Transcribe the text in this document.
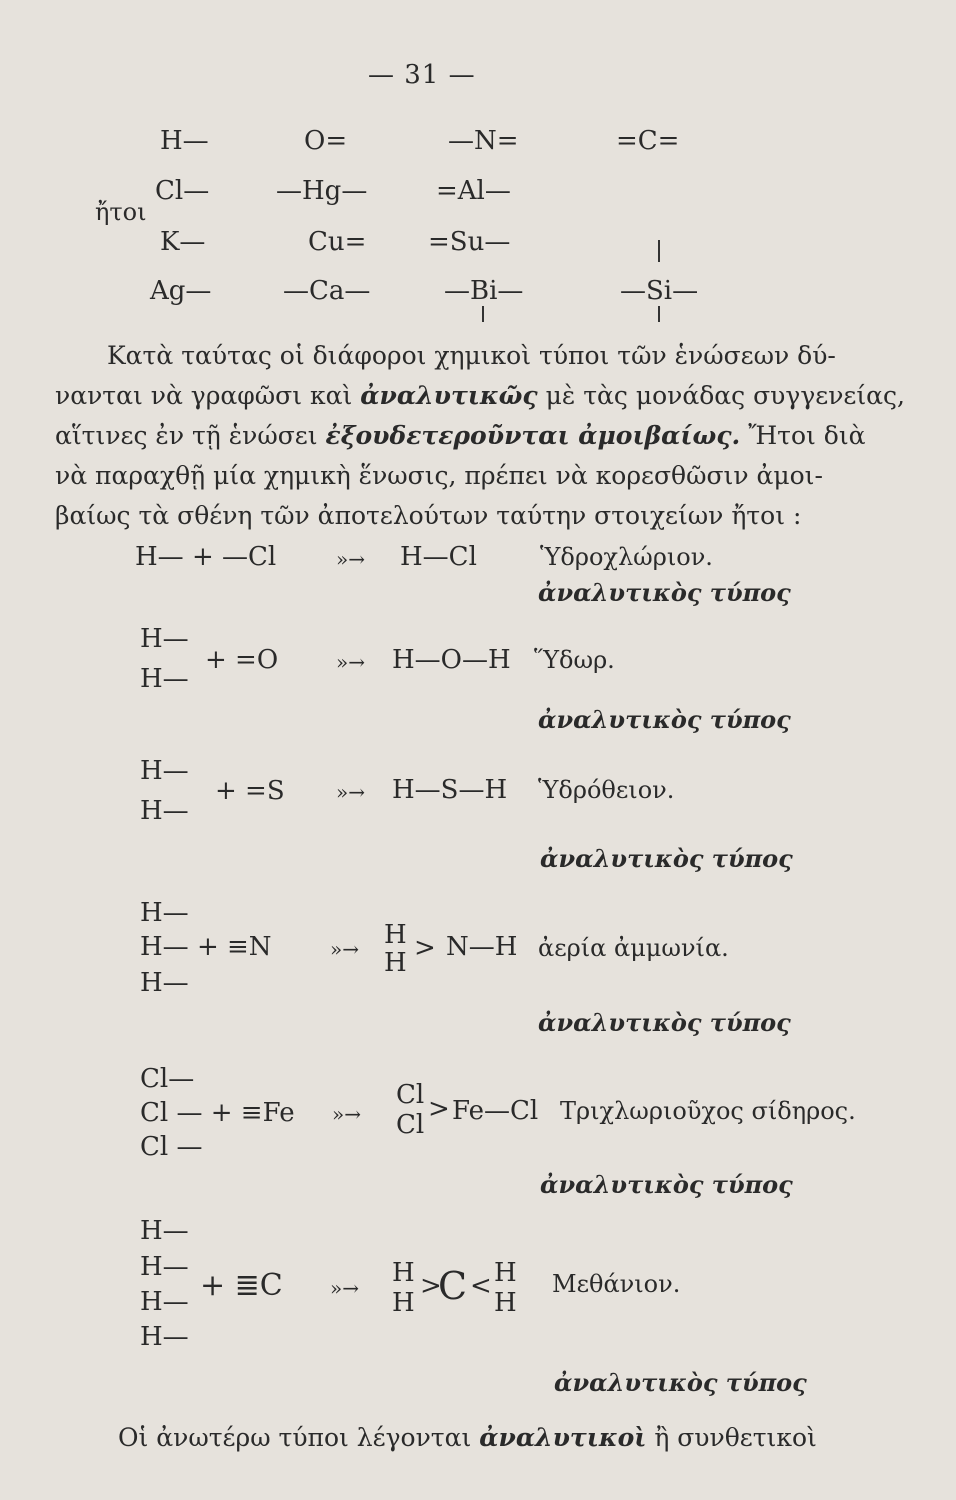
— 31 —
ἤτοι
H—
Cl—
K—
Ag—
O=
—Hg—
Cu=
—Ca—
—N=
=Al—
=Su—
—Bi—
=C=
—Si—

Κατὰ ταύτας οἱ διάφοροι χημικοὶ τύποι τῶν ἑνώσεων δύ-

νανται νὰ γραφῶσι καὶ ἀναλυτικῶς μὲ τὰς μονάδας συγγενείας,

αἵτινες ἐν τῇ ἑνώσει ἐξουδετεροῦνται ἀμοιβαίως. Ἤτοι διὰ

νὰ παραχθῇ μία χημικὴ ἕνωσις, πρέπει νὰ κορεσθῶσιν ἀμοι-

βαίως τὰ σθένη τῶν ἀποτελούτων ταύτην στοιχείων ἤτοι :

H— + —Cl	»→ H—Cl	Ὑδροχλώριον.
ἀναλυτικὸς τύπος
H—
+ =O
H—
»→ H—O—H Ὕδωρ.
ἀναλυτικὸς τύπος
H—
+ =S
H—
»→ H—S—H Ὑδρόθειον.
ἀναλυτικὸς τύπος
H—
H— + ≡N
H—
»→ H
H > N—H ἀερία ἀμμωνία.
ἀναλυτικὸς τύπος
Cl—
Cl — + ≡Fe
Cl —
»→
Cl
Cl
> Fe—Cl Τριχλωριοῦχος σίδηρος.
ἀναλυτικὸς τύπος
H—
H—
H—
H—
+ ≣C »→ H
H
>
C < H
H
Μεθάνιον.
ἀναλυτικὸς τύπος
Οἱ ἀνωτέρω τύποι λέγονται ἀναλυτικοὶ ἢ συνθετικοὶ
